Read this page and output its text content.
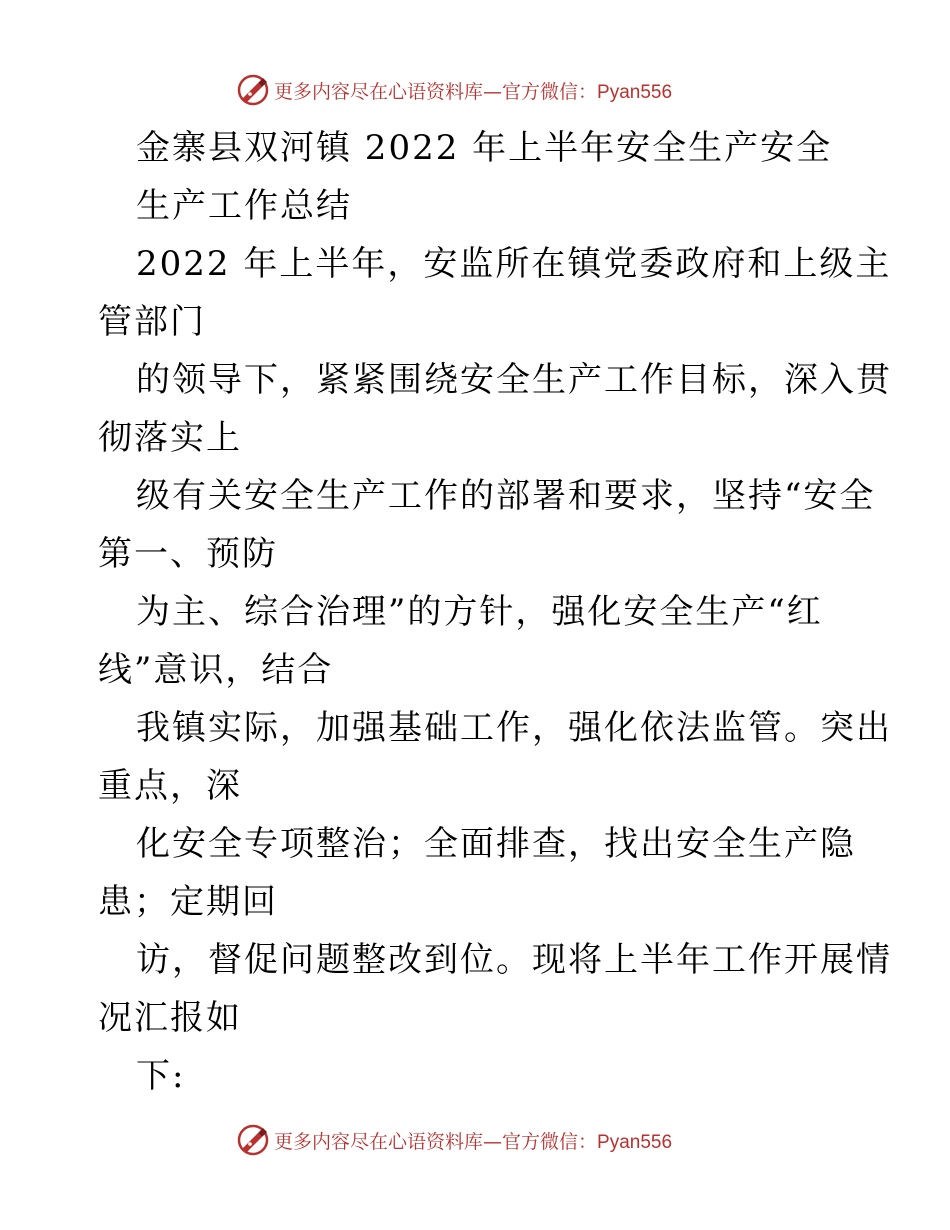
更多内容尽在心语资料库—官方微信：Pyan556
金寨县双河镇 2022 年上半年安全生产安全
生产工作总结
2022 年上半年，安监所在镇党委政府和上级主
管部门
的领导下，紧紧围绕安全生产工作目标，深入贯
彻落实上
级有关安全生产工作的部署和要求，坚持“安全
第一、预防
为主、综合治理”的方针，强化安全生产“红
线”意识，结合
我镇实际，加强基础工作，强化依法监管。突出
重点，深
化安全专项整治；全面排查，找出安全生产隐
患；定期回
访，督促问题整改到位。现将上半年工作开展情
况汇报如
下:
更多内容尽在心语资料库—官方微信：Pyan556
